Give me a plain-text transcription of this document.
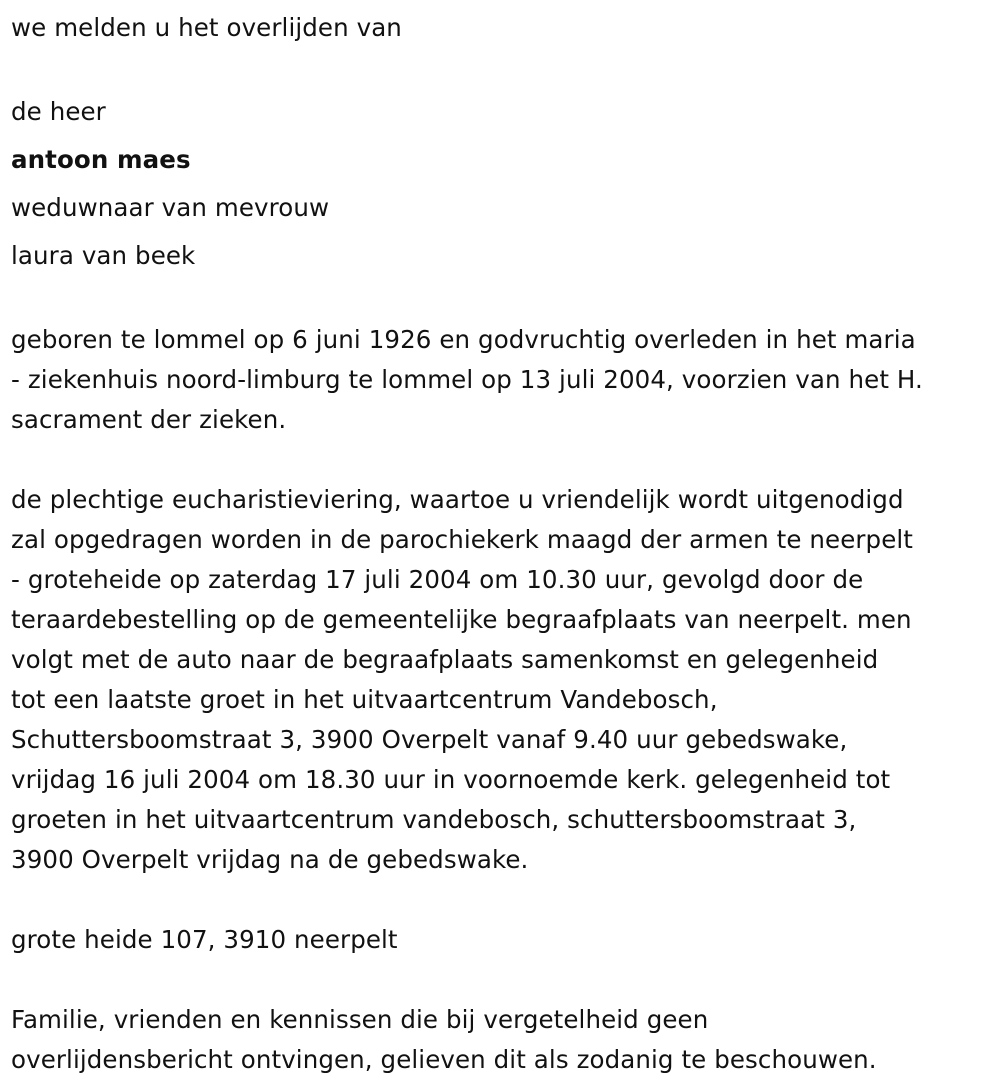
we melden u het overlijden van
de heer
antoon maes
weduwnaar van mevrouw
laura van beek

geboren te lommel op 6 juni 1926 en godvruchtig overleden in het maria
- ziekenhuis noord-limburg te lommel op 13 juli 2004, voorzien van het H.
sacrament der zieken.

de plechtige eucharistieviering, waartoe u vriendelijk wordt uitgenodigd
zal opgedragen worden in de parochiekerk maagd der armen te neerpelt
- groteheide op zaterdag 17 juli 2004 om 10.30 uur, gevolgd door de
teraardebestelling op de gemeentelijke begraafplaats van neerpelt. men
volgt met de auto naar de begraafplaats samenkomst en gelegenheid
tot een laatste groet in het uitvaartcentrum Vandebosch,
Schuttersboomstraat 3, 3900 Overpelt vanaf 9.40 uur gebedswake,
vrijdag 16 juli 2004 om 18.30 uur in voornoemde kerk. gelegenheid tot
groeten in het uitvaartcentrum vandebosch, schuttersboomstraat 3,
3900 Overpelt vrijdag na de gebedswake.

grote heide 107, 3910 neerpelt

Familie, vrienden en kennissen die bij vergetelheid geen
overlijdensbericht ontvingen, gelieven dit als zodanig te beschouwen.
